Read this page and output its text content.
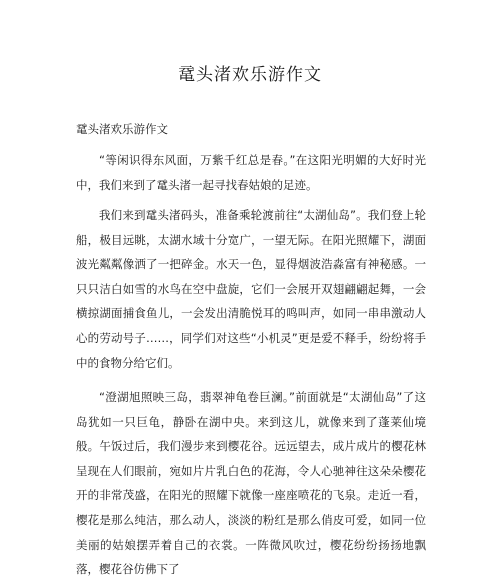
鼋头渚欢乐游作文

鼋头渚欢乐游作文

“等闲识得东风面，万紫千红总是春。”在这阳光明媚的大好时光中，我们来到了鼋头渚一起寻找春姑娘的足迹。

我们来到鼋头渚码头，准备乘轮渡前往“太湖仙岛”。我们登上轮船，极目远眺，太湖水域十分宽广，一望无际。在阳光照耀下，湖面波光粼粼像洒了一把碎金。水天一色，显得烟波浩淼富有神秘感。一只只洁白如雪的水鸟在空中盘旋，它们一会展开双翅翩翩起舞，一会横掠湖面捕食鱼儿，一会发出清脆悦耳的鸣叫声，如同一串串激动人心的劳动号子……，同学们对这些“小机灵”更是爱不释手，纷纷将手中的食物分给它们。

“澄湖旭照映三岛，翡翠神龟卷巨澜。”前面就是“太湖仙岛”了这岛犹如一只巨龟，静卧在湖中央。来到这儿，就像来到了蓬莱仙境般。午饭过后，我们漫步来到樱花谷。远远望去，成片成片的樱花林呈现在人们眼前，宛如片片乳白色的花海，令人心驰神往这朵朵樱花开的非常茂盛，在阳光的照耀下就像一座座喷花的飞泉。走近一看，樱花是那么纯洁，那么动人，淡淡的粉红是那么俏皮可爱，如同一位美丽的姑娘摆弄着自己的衣裳。一阵微风吹过，樱花纷纷扬扬地飘落，樱花谷仿佛下了
